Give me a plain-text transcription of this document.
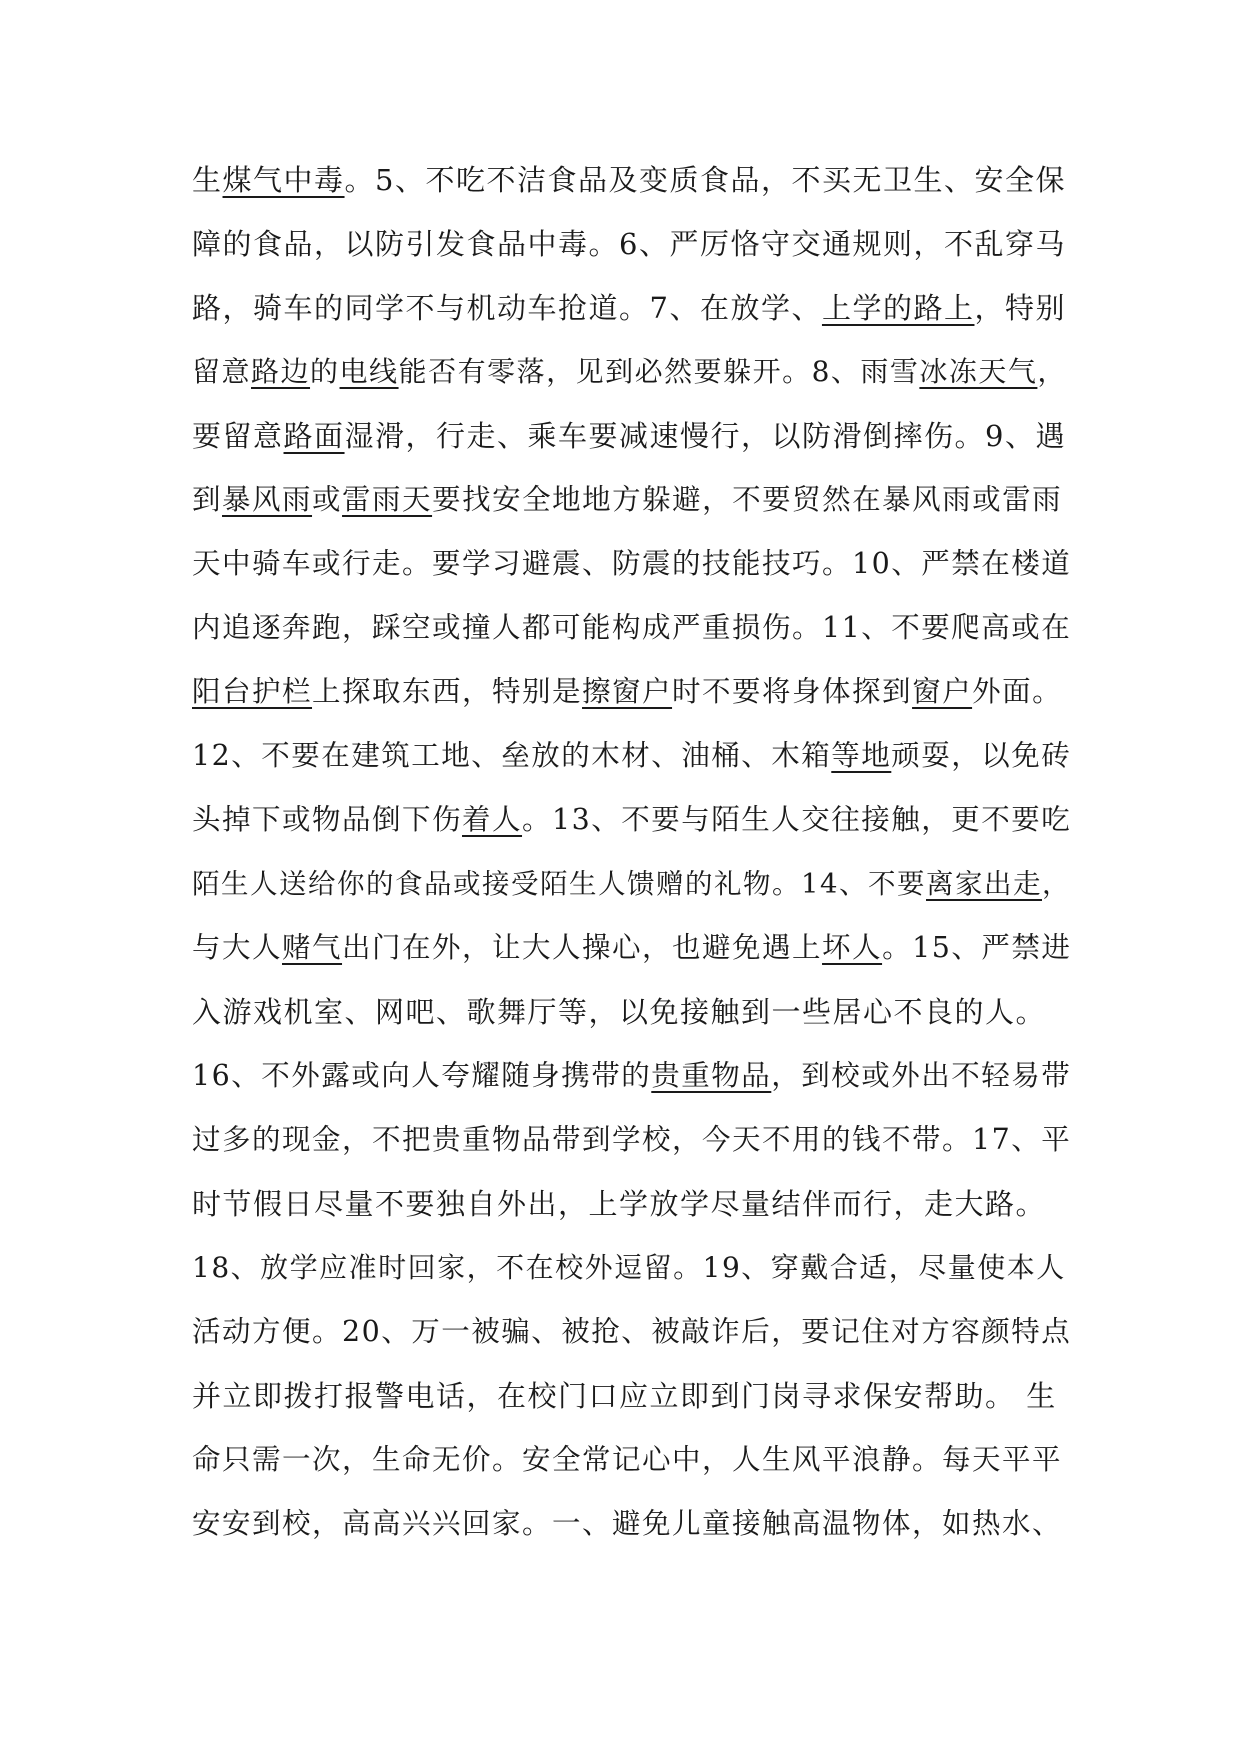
生煤气中毒。5、不吃不洁食品及变质食品，不买无卫生、安全保
障的食品，以防引发食品中毒。6、严厉恪守交通规则，不乱穿马
路，骑车的同学不与机动车抢道。7、在放学、上学的路上，特别
留意路边的电线能否有零落，见到必然要躲开。8、雨雪冰冻天气，
要留意路面湿滑，行走、乘车要减速慢行，以防滑倒摔伤。9、遇
到暴风雨或雷雨天要找安全地地方躲避，不要贸然在暴风雨或雷雨
天中骑车或行走。要学习避震、防震的技能技巧。10、严禁在楼道
内追逐奔跑，踩空或撞人都可能构成严重损伤。11、不要爬高或在
阳台护栏上探取东西，特别是擦窗户时不要将身体探到窗户外面。
12、不要在建筑工地、垒放的木材、油桶、木箱等地顽耍，以免砖
头掉下或物品倒下伤着人。13、不要与陌生人交往接触，更不要吃
陌生人送给你的食品或接受陌生人馈赠的礼物。14、不要离家出走，
与大人赌气出门在外，让大人操心，也避免遇上坏人。15、严禁进
入游戏机室、网吧、歌舞厅等，以免接触到一些居心不良的人。
16、不外露或向人夸耀随身携带的贵重物品，到校或外出不轻易带
过多的现金，不把贵重物品带到学校，今天不用的钱不带。17、平
时节假日尽量不要独自外出，上学放学尽量结伴而行，走大路。
18、放学应准时回家，不在校外逗留。19、穿戴合适，尽量使本人
活动方便。20、万一被骗、被抢、被敲诈后，要记住对方容颜特点
并立即拨打报警电话，在校门口应立即到门岗寻求保安帮助。 生
命只需一次，生命无价。安全常记心中，人生风平浪静。每天平平
安安到校，高高兴兴回家。一、避免儿童接触高温物体，如热水、
